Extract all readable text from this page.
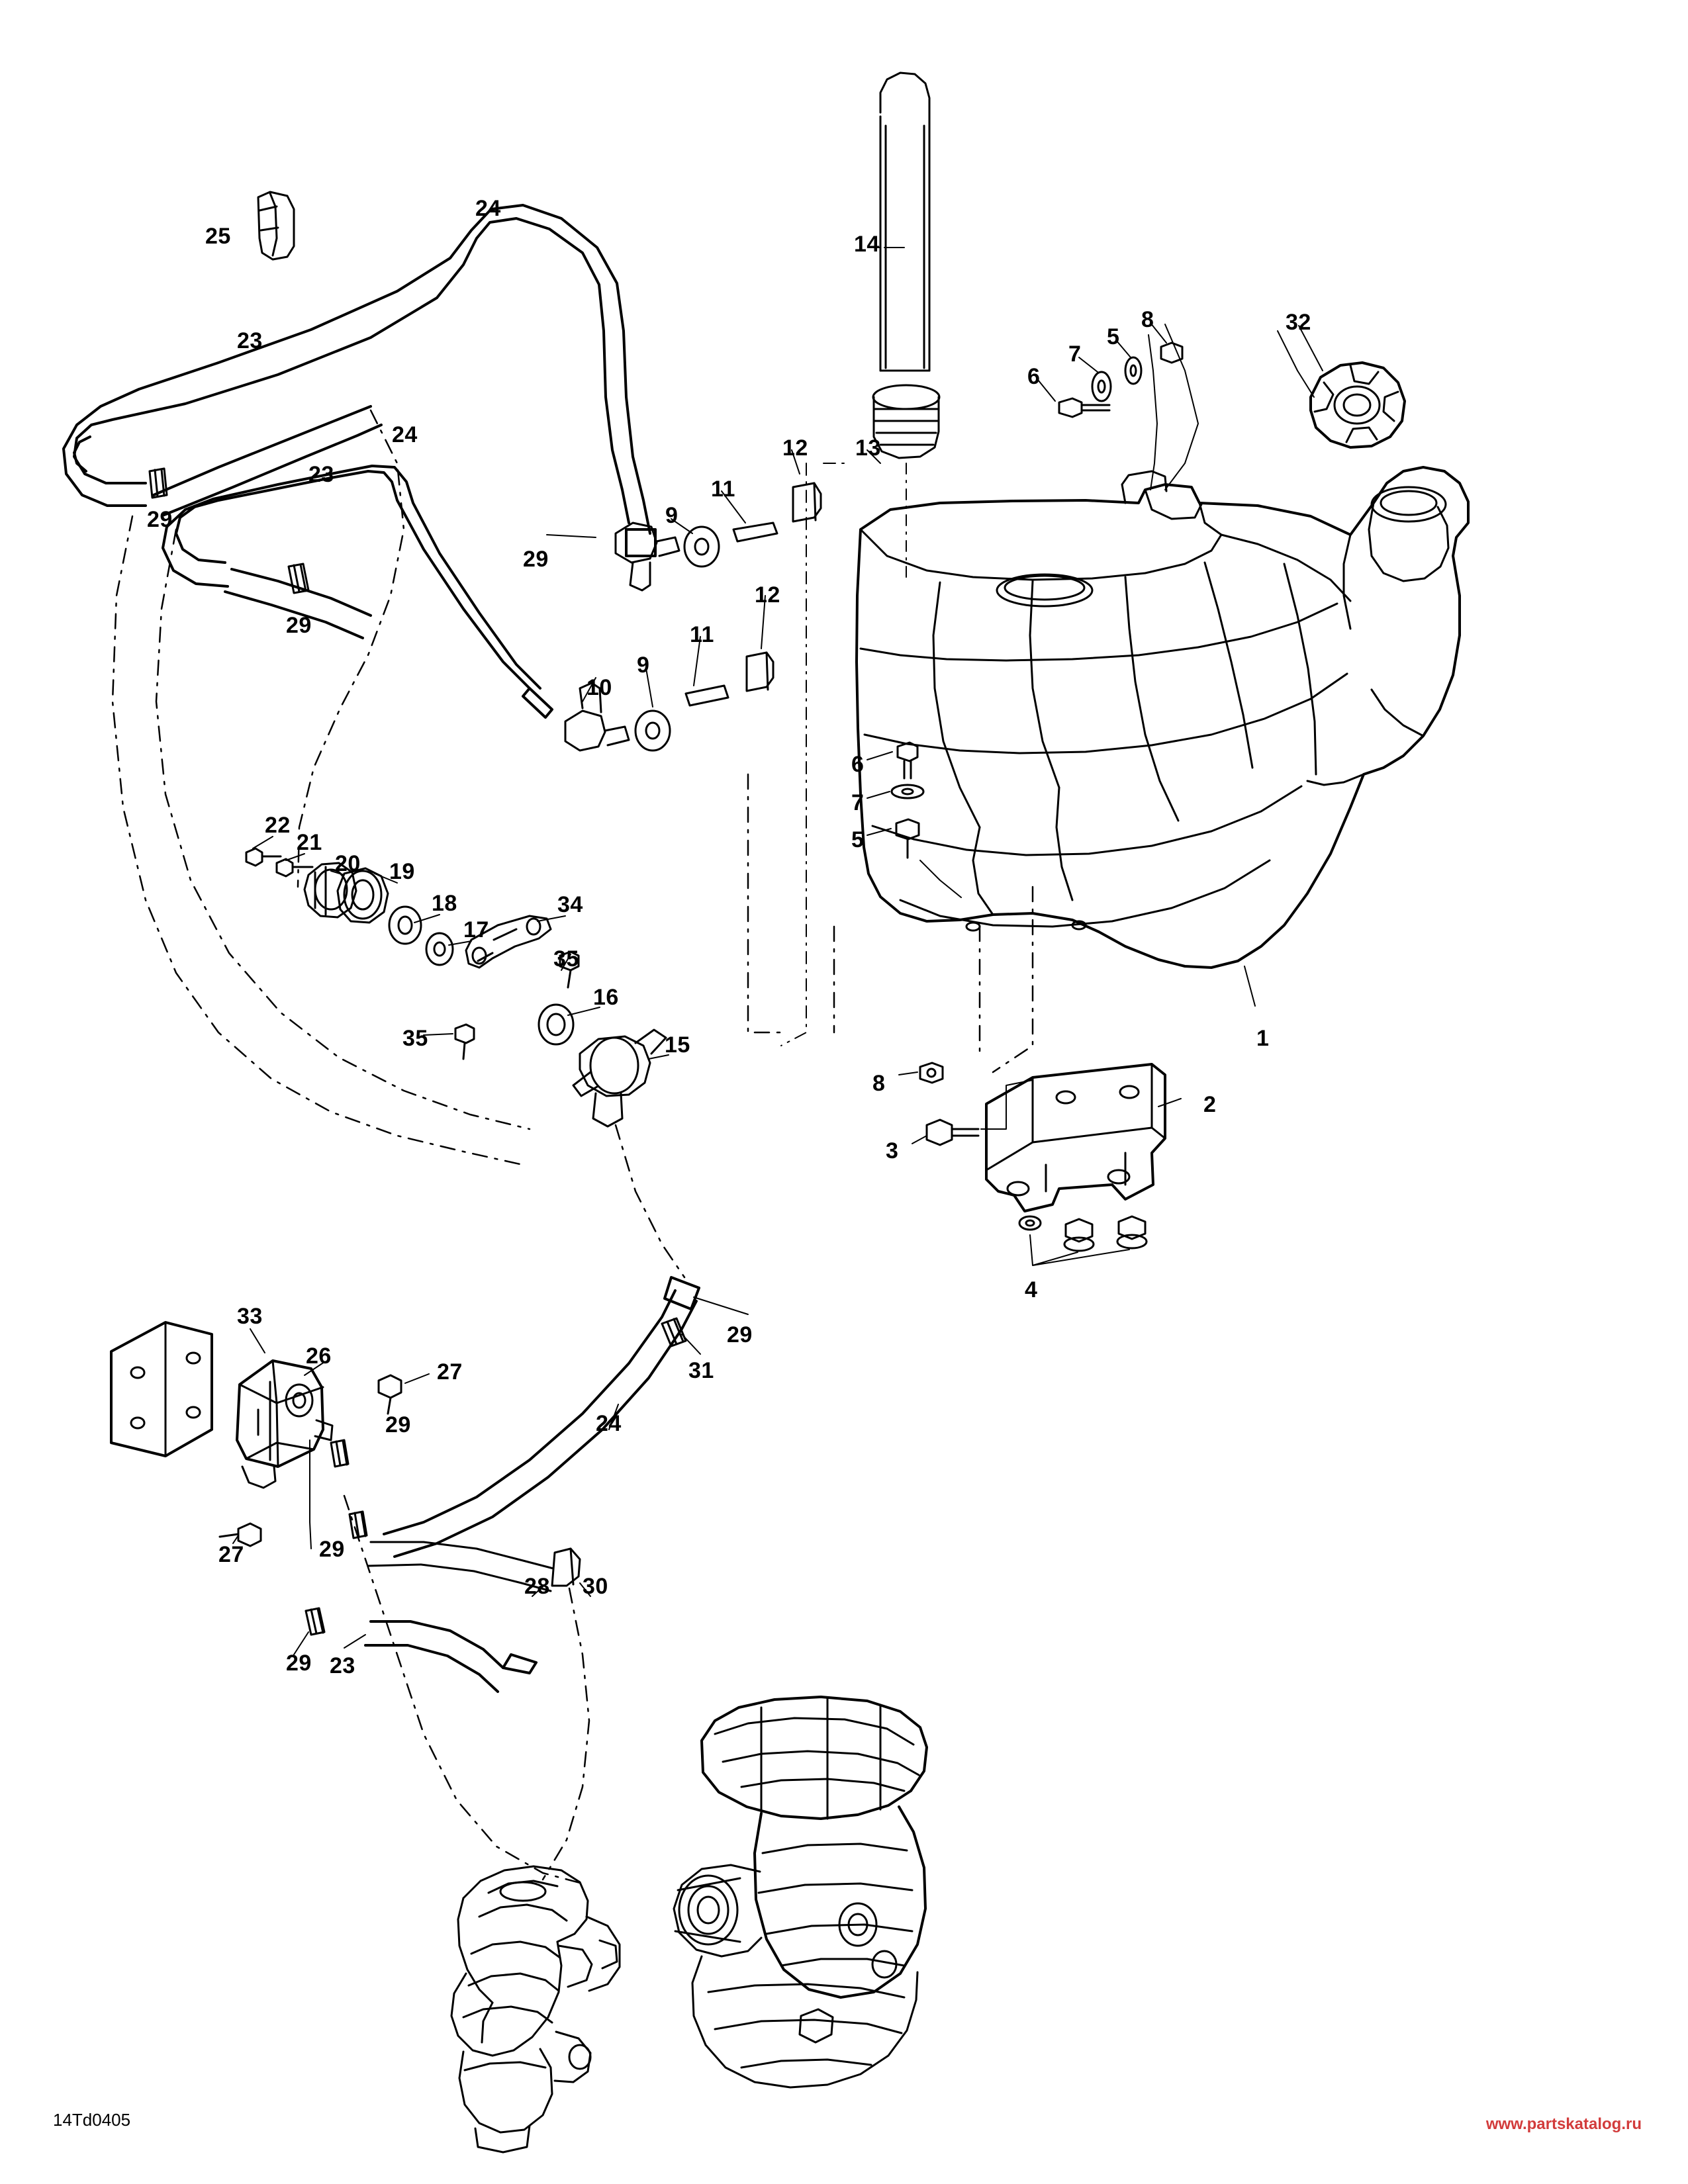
25
24
23
29
24
23
29
29
9
11
12 13
14
6
7
5
8	32
10
9
11
12
6
7
5
1
22
21
20 19
18
17
34
35
35
16
15
8
2
3
4
33
26
27
29
29
31
24
27	29
28 30
29 23
14Td0405	www.partskatalog.ru
